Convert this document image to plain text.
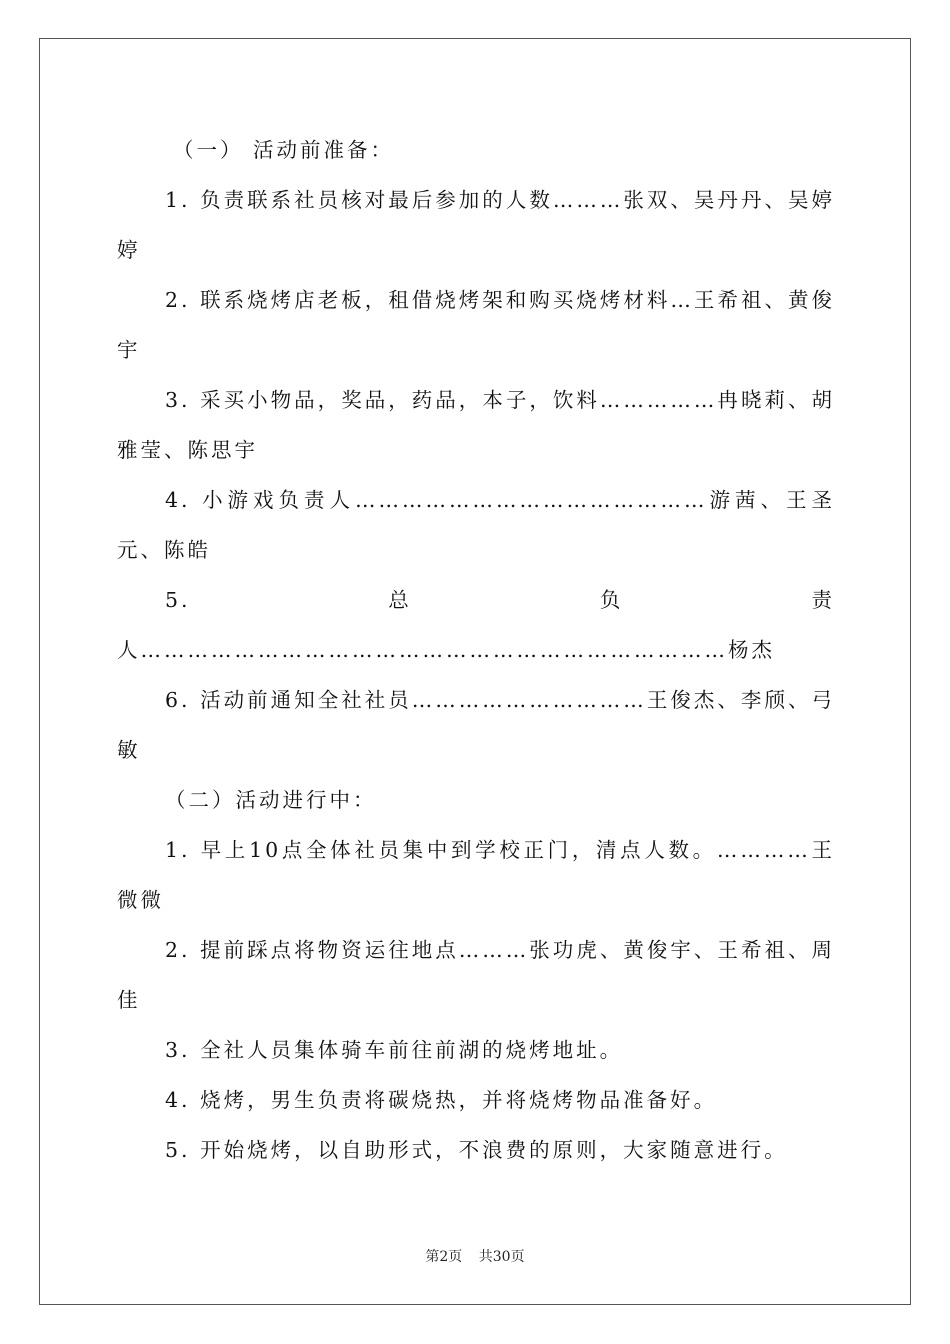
（一） 活动前准备：

1. 负责联系社员核对最后参加的人数………张双、吴丹丹、吴婷婷

2. 联系烧烤店老板，租借烧烤架和购买烧烤材料…王希祖、黄俊宇

3. 采买小物品，奖品，药品，本子，饮料……………冉晓莉、胡雅莹、陈思宇

4. 小游戏负责人………………………………………游茜、王圣元、陈皓

5. 总负责人…………………………………………………………………杨杰

6. 活动前通知全社社员…………………………王俊杰、李颀、弓敏

（二）活动进行中：

1. 早上10点全体社员集中到学校正门，清点人数。…………王微微

2. 提前踩点将物资运往地点………张功虎、黄俊宇、王希祖、周佳

3. 全社人员集体骑车前往前湖的烧烤地址。

4. 烧烤，男生负责将碳烧热，并将烧烤物品准备好。

5. 开始烧烤，以自助形式，不浪费的原则，大家随意进行。

第2页 共30页
